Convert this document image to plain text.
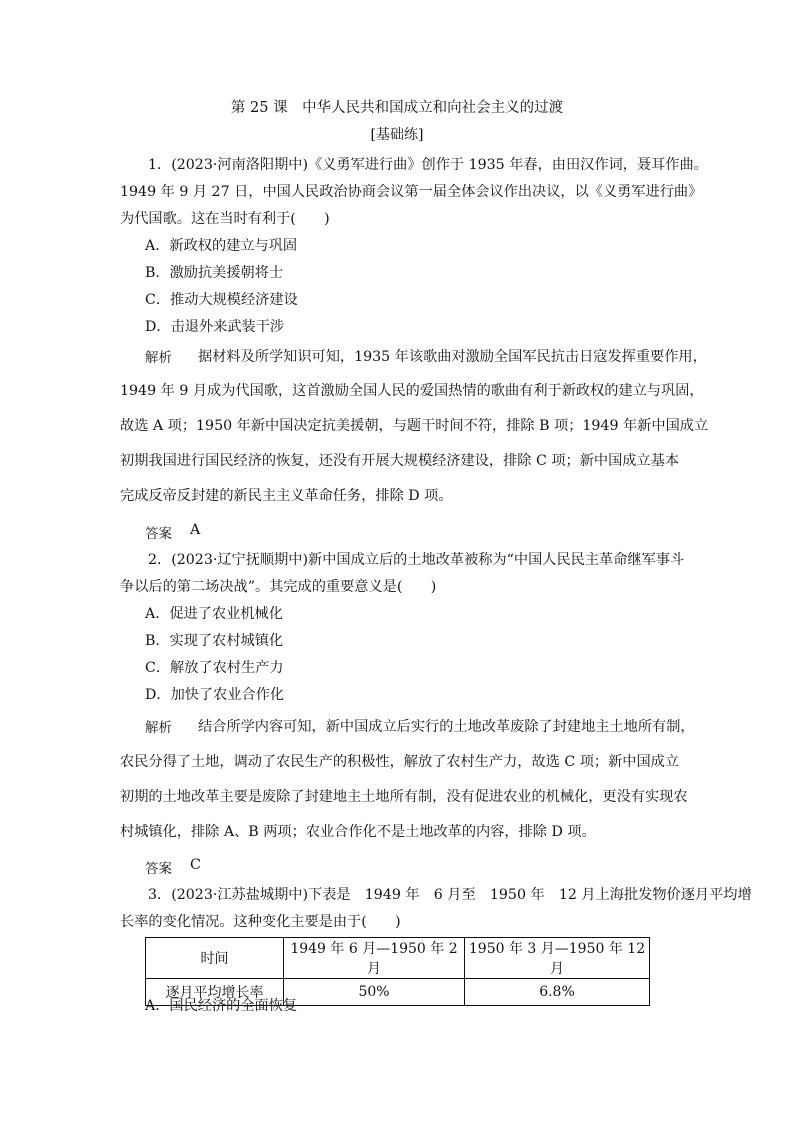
第 25 课　中华人民共和国成立和向社会主义的过渡
[基础练]
1．(2023·河南洛阳期中)《义勇军进行曲》创作于 1935 年春，由田汉作词，聂耳作曲。
1949 年 9 月 27 日，中国人民政治协商会议第一届全体会议作出决议，以《义勇军进行曲》
为代国歌。这在当时有利于(　　)
A．新政权的建立与巩固
B．激励抗美援朝将士
C．推动大规模经济建设
D．击退外来武装干涉
解析 据材料及所学知识可知，1935 年该歌曲对激励全国军民抗击日寇发挥重要作用，
1949 年 9 月成为代国歌，这首激励全国人民的爱国热情的歌曲有利于新政权的建立与巩固，
故选 A 项；1950 年新中国决定抗美援朝，与题干时间不符，排除 B 项；1949 年新中国成立
初期我国进行国民经济的恢复，还没有开展大规模经济建设，排除 C 项；新中国成立基本
完成反帝反封建的新民主主义革命任务，排除 D 项。
答案 A
2．(2023·辽宁抚顺期中)新中国成立后的土地改革被称为“中国人民民主革命继军事斗
争以后的第二场决战”。其完成的重要意义是(　　)
A．促进了农业机械化
B．实现了农村城镇化
C．解放了农村生产力
D．加快了农业合作化
解析 结合所学内容可知，新中国成立后实行的土地改革废除了封建地主土地所有制，
农民分得了土地，调动了农民生产的积极性，解放了农村生产力，故选 C 项；新中国成立
初期的土地改革主要是废除了封建地主土地所有制，没有促进农业的机械化，更没有实现农
村城镇化，排除 A、B 两项；农业合作化不是土地改革的内容，排除 D 项。
答案 C
3．(2023·江苏盐城期中)下表是　1949 年　6 月至　1950 年　12 月上海批发物价逐月平均增
长率的变化情况。这种变化主要是由于(　　)
时间	1949 年 6 月—1950 年 2 月	1950 年 3 月—1950 年 12 月
逐月平均增长率	50%	6.8%
A．国民经济的全面恢复
